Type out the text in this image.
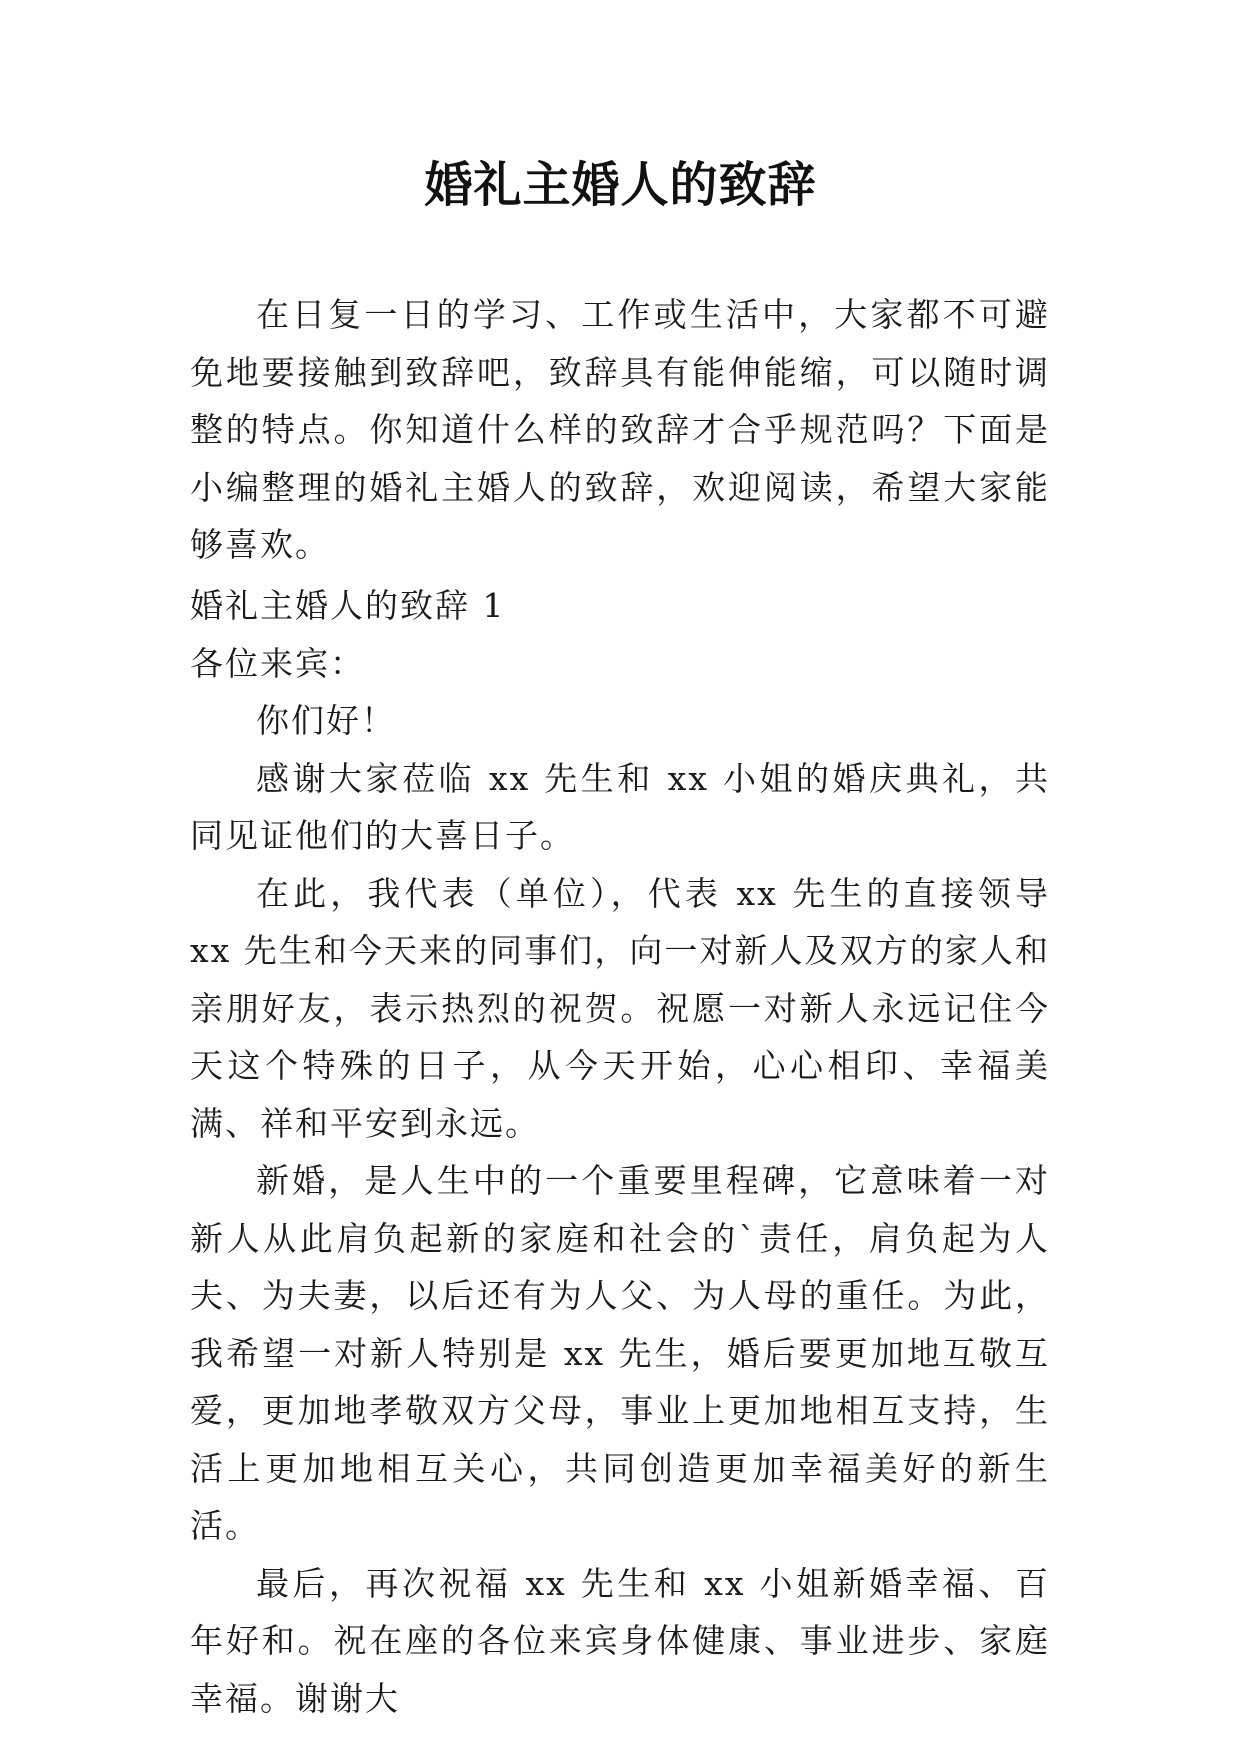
婚礼主婚人的致辞

在日复一日的学习、工作或生活中，大家都不可避免地要接触到致辞吧，致辞具有能伸能缩，可以随时调整的特点。你知道什么样的致辞才合乎规范吗？下面是小编整理的婚礼主婚人的致辞，欢迎阅读，希望大家能够喜欢。

婚礼主婚人的致辞 1

各位来宾：

你们好！

感谢大家莅临 xx 先生和 xx 小姐的婚庆典礼，共同见证他们的大喜日子。

在此，我代表（单位），代表 xx 先生的直接领导 xx 先生和今天来的同事们，向一对新人及双方的家人和亲朋好友，表示热烈的祝贺。祝愿一对新人永远记住今天这个特殊的日子，从今天开始，心心相印、幸福美满、祥和平安到永远。

新婚，是人生中的一个重要里程碑，它意味着一对新人从此肩负起新的家庭和社会的`责任，肩负起为人夫、为夫妻，以后还有为人父、为人母的重任。为此，我希望一对新人特别是 xx 先生，婚后要更加地互敬互爱，更加地孝敬双方父母，事业上更加地相互支持，生活上更加地相互关心，共同创造更加幸福美好的新生活。

最后，再次祝福 xx 先生和 xx 小姐新婚幸福、百年好和。祝在座的各位来宾身体健康、事业进步、家庭幸福。谢谢大
